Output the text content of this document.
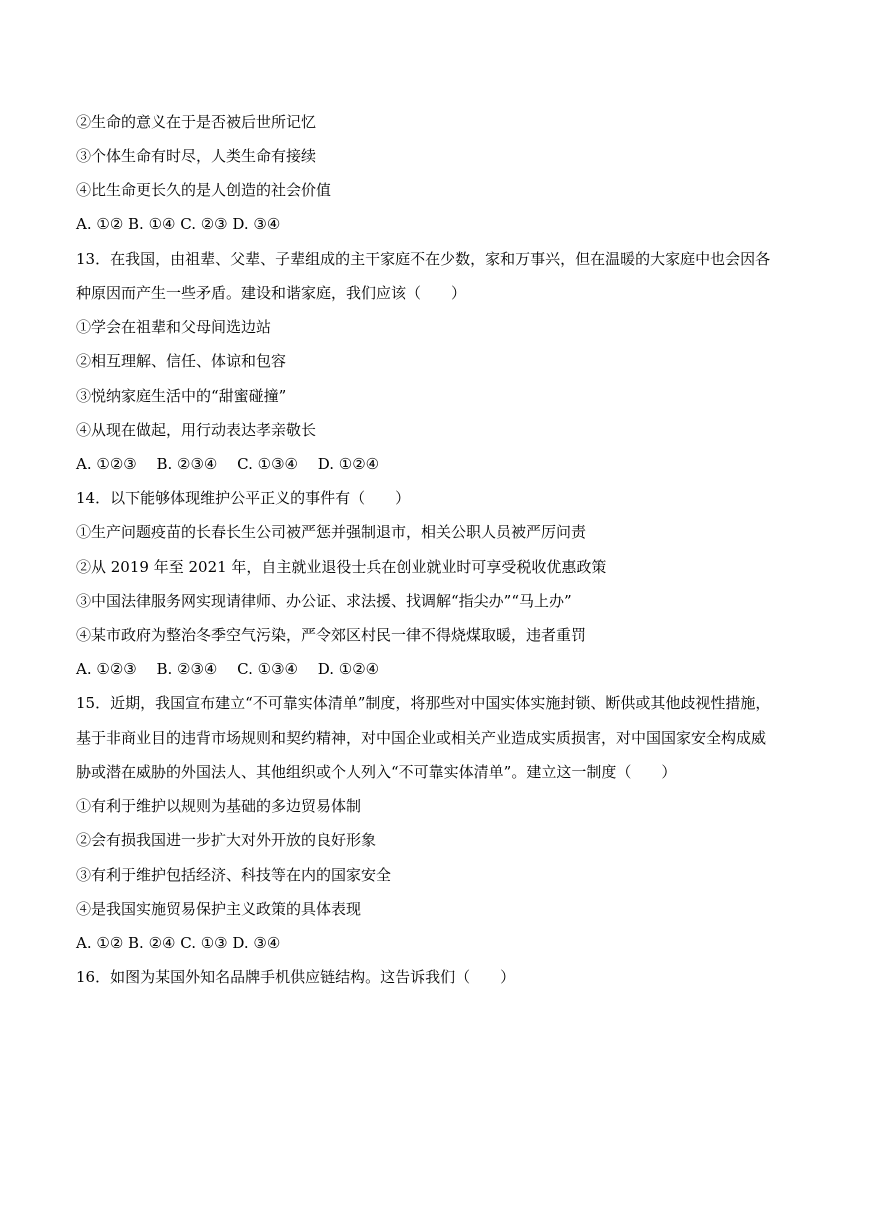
②生命的意义在于是否被后世所记忆
③个体生命有时尽，人类生命有接续
④比生命更长久的是人创造的社会价值
A. ①② B. ①④ C. ②③ D. ③④
13．在我国，由祖辈、父辈、子辈组成的主干家庭不在少数，家和万事兴，但在温暖的大家庭中也会因各
种原因而产生一些矛盾。建设和谐家庭，我们应该（　　）
①学会在祖辈和父母间选边站
②相互理解、信任、体谅和包容
③悦纳家庭生活中的“甜蜜碰撞”
④从现在做起，用行动表达孝亲敬长
A. ①②③　 B. ②③④　 C. ①③④　 D. ①②④
14．以下能够体现维护公平正义的事件有（　　）
①生产问题疫苗的长春长生公司被严惩并强制退市，相关公职人员被严厉问责
②从 2019 年至 2021 年，自主就业退役士兵在创业就业时可享受税收优惠政策
③中国法律服务网实现请律师、办公证、求法援、找调解“指尖办”“马上办”
④某市政府为整治冬季空气污染，严令郊区村民一律不得烧煤取暖，违者重罚
A. ①②③　 B. ②③④　 C. ①③④　 D. ①②④
15．近期，我国宣布建立“不可靠实体清单”制度，将那些对中国实体实施封锁、断供或其他歧视性措施，
基于非商业目的违背市场规则和契约精神，对中国企业或相关产业造成实质损害，对中国国家安全构成威
胁或潜在威胁的外国法人、其他组织或个人列入“不可靠实体清单”。建立这一制度（　　）
①有利于维护以规则为基础的多边贸易体制
②会有损我国进一步扩大对外开放的良好形象
③有利于维护包括经济、科技等在内的国家安全
④是我国实施贸易保护主义政策的具体表现
A. ①② B. ②④ C. ①③ D. ③④
16．如图为某国外知名品牌手机供应链结构。这告诉我们（　　）
